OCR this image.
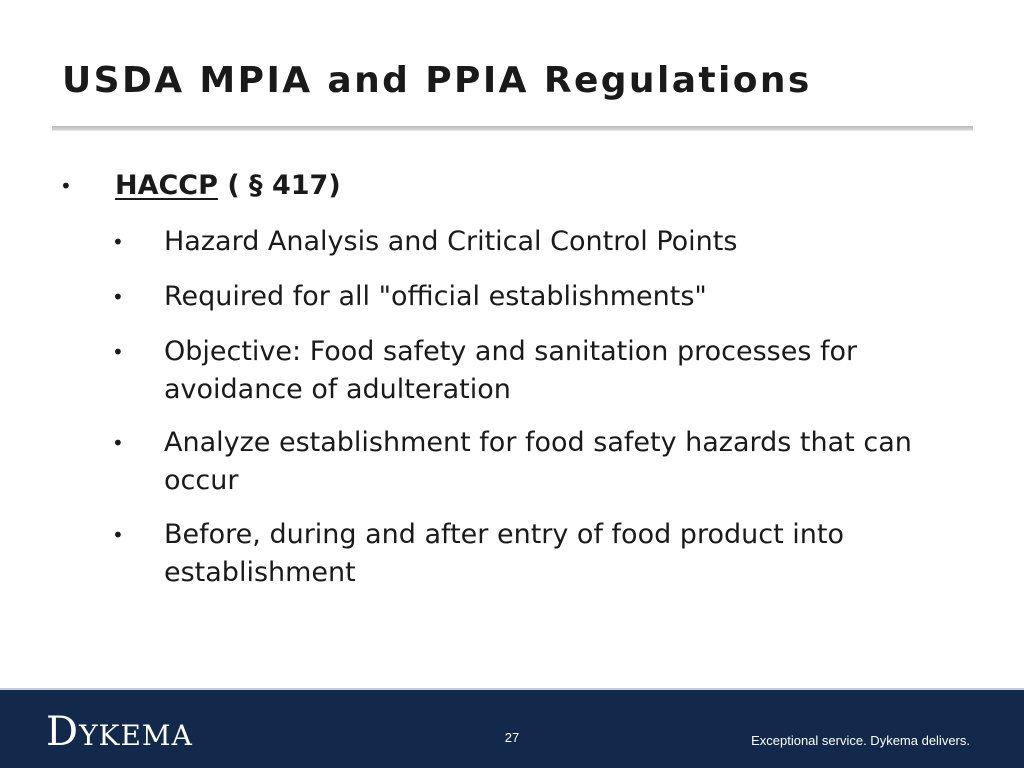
USDA MPIA and PPIA Regulations
• HACCP ( § 417)
• Hazard Analysis and Critical Control Points
• Required for all "official establishments"
• Objective: Food safety and sanitation processes for avoidance of adulteration
• Analyze establishment for food safety hazards that can occur
• Before, during and after entry of food product into establishment
Dykema	27	Exceptional service. Dykema delivers.
